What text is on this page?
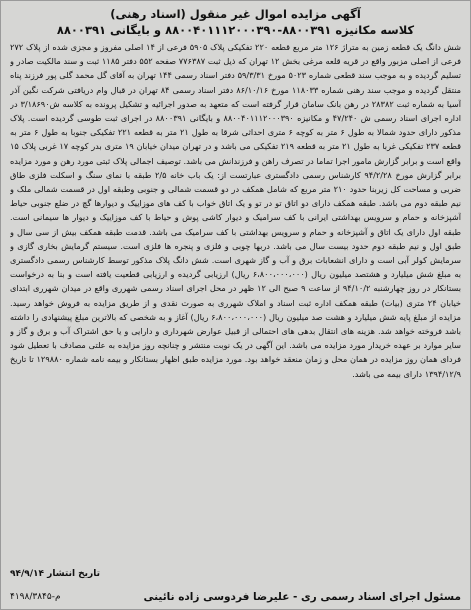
آگهی مزایده اموال غیر منقول (اسناد رهنی)
کلاسه مکانیزه ۸۸۰۰۳۹۱-۸۸۰۰۴۰۱۱۱۲۰۰۰۳۹۰ و بایگانی ۸۸۰۰۳۹۱

شش دانگ یک قطعه زمین به متراژ ۱۲۶ متر مربع قطعه ۲۲۰ تفکیکی پلاک ۵۹۰۵ فرعی از ۱۴ اصلی مفروز و مجزی شده از پلاک ۲۷۲ فرعی از اصلی مزبور واقع در قریه قلعه مرغی بخش ۱۲ تهران که ذیل ثبت ۷۷۶۳۸۷ صفحه ۵۵۲ دفتر ۱۱۸۵ ثبت و سند مالکیت صادر و تسلیم گردیده و به موجب سند قطعی شماره ۵۰۲۳ مورخ ۵۹/۳/۳۱ دفتر اسناد رسمی ۱۴۴ تهران به آقای گل محمد گلی پور فرزند پناه منتقل گردیده و موجب سند رهنی شماره ۱۱۸۰۳۳ مورخ ۸۶/۱۰/۱۶ دفتر اسناد رسمی ۸۴ تهران در قبال وام دریافتی شرکت نگین آذر آسیا به شماره ثبت ۲۸۳۸۲ در رهن بانک سامان قرار گرفته است که متعهد به صدور اجرائیه و تشکیل پرونده به کلاسه ش۳/۱۸۶۹۰ در اداره اجرای اسناد رسمی ش ۴۷/۲۴۰ و مکانیزه ۸۸۰۰۴۰۱۱۱۲۰۰۰۳۹۰ و بایگانی ۸۸۰۰۳۹۱ در اجرای ثبت طوسی گردیده است. پلاک مذکور دارای حدود شمالا به طول ۶ متر به کوچه ۶ متری احداثی شرقا به طول ۲۱ متر به قطعه ۲۲۱ تفکیکی جنوبا به طول ۶ متر به قطعه ۲۳۷ تفکیکی غربا به طول ۲۱ متر به قطعه ۲۱۹ تفکیکی می باشد و در تهران میدان خیابان ۱۹ متری بدر کوچه ۱۷ غربی پلاک ۱۵ واقع است و برابر گزارش مامور اجرا تماما در تصرف راهن و فرزندانش می باشد. توصیف اجمالی پلاک ثبتی مورد رهن و مورد مزایده برابر گزارش مورخ ۹۴/۲/۲۸ کارشناس رسمی دادگستری عبارتست از: یک باب خانه ۲/۵ طبقه با نمای سنگ و اسکلت فلزی طاق ضربی و مساحت کل زیربنا حدود ۲۱۰ متر مربع که شامل همکف در دو قسمت شمالی و جنوبی وطبقه اول در قسمت شمالی ملک و نیم طبقه دوم می باشد. طبقه همکف دارای دو اتاق تو در تو و یک اتاق خواب با کف های موزاییک و دیوارها گچ در ضلع جنوبی حیاط آشپزخانه و حمام و سرویس بهداشتی ایرانی با کف سرامیک و دیوار کاشی پوش و حیاط با کف موزاییک و دیوار ها سیمانی است. طبقه اول دارای یک اتاق و آشپزخانه و حمام و سرویس بهداشتی با کف سرامیک می باشد. قدمت طبقه همکف بیش از سی سال و طبق اول و نیم طبقه دوم حدود بیست سال می باشد. دربها چوبی و فلزی و پنجره ها فلزی است. سیستم گرمایش بخاری گازی و سرمایش کولر آبی است و دارای انشعابات برق و آب و گاز شهری است. شش دانگ پلاک مذکور توسط کارشناس رسمی دادگستری به مبلغ شش میلیارد و هشتصد میلیون ریال (۶،۸۰۰،۰۰۰،۰۰۰ ریال) ارزیابی گردیده و ارزیابی قطعیت یافته است و بنا به درخواست بستانکار در روز چهارشنبه ۹۴/۱۰/۲ از ساعت ۹ صبح الی ۱۲ ظهر در محل اجرای اسناد رسمی شهرری واقع در میدان شهرری ابتدای خیابان ۲۴ متری (بیات) طبقه همکف اداره ثبت اسناد و املاک شهرری به صورت نقدی و از طریق مزایده به فروش خواهد رسید. مزایده از مبلغ پایه شش میلیارد و هشت صد میلیون ریال (۶،۸۰۰،۰۰۰،۰۰۰ ریال) آغاز و به شخصی که بالاترین مبلغ پیشنهادی را داشته باشد فروخته خواهد شد. هزینه های انتقال بدهی های احتمالی از قبیل عوارض شهرداری و دارایی و یا حق اشتراک آب و برق و گاز و سایر موارد بر عهده خریدار مورد مزایده می باشد. این آگهی در یک نوبت منتشر و چنانچه روز مزایده به علتی مصادف با تعطیل شود فردای همان روز مزایده در همان محل و زمان منعقد خواهد بود. مورد مزایده طبق اظهار بستانکار و بیمه نامه شماره ۱۲۹۸۸۰ تا تاریخ ۱۳۹۴/۱۲/۹ دارای بیمه می باشد.

تاریخ انتشار ۹۴/۹/۱۴
۴۱۹۸/۳۸۴۵-م	مسئول اجرای اسناد رسمی ری - علیرضا فردوسی زاده نائینی
